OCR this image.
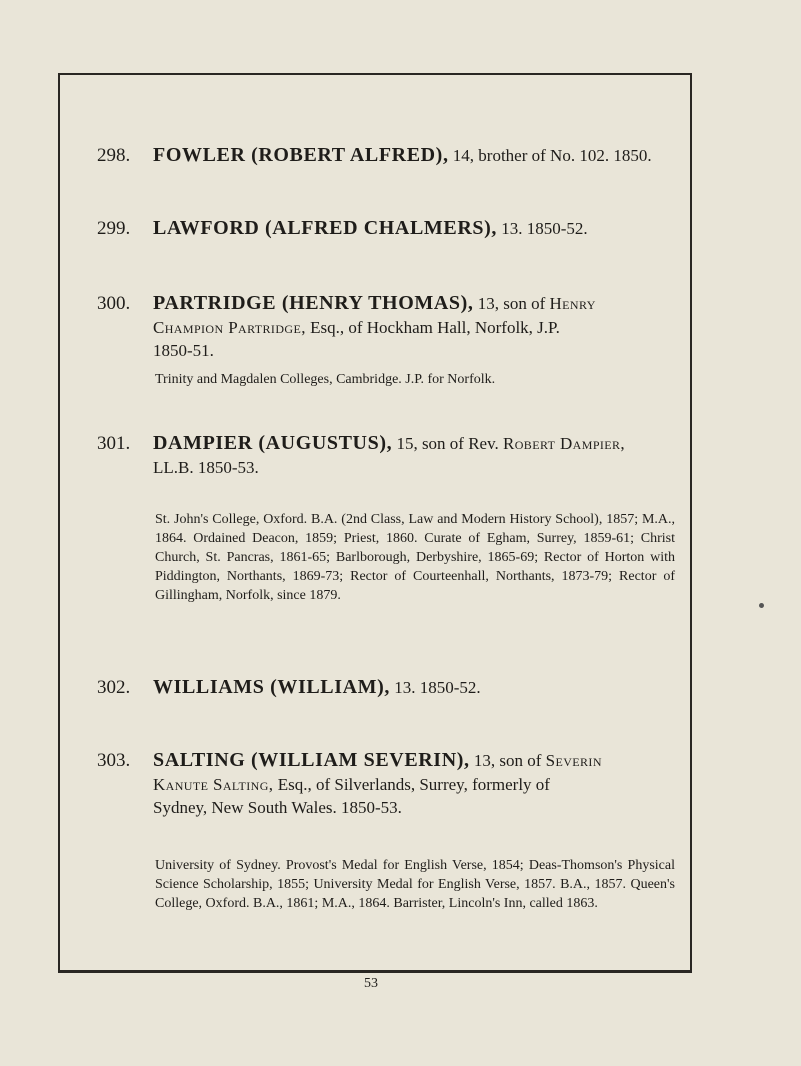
298. FOWLER (ROBERT ALFRED), 14, brother of No. 102. 1850.
299. LAWFORD (ALFRED CHALMERS), 13. 1850-52.
300. PARTRIDGE (HENRY THOMAS), 13, son of Henry
Champion Partridge, Esq., of Hockham Hall, Norfolk, J.P.
1850-51.
Trinity and Magdalen Colleges, Cambridge. J.P. for Norfolk.
301. DAMPIER (AUGUSTUS), 15, son of Rev. Robert Dampier,
LL.B. 1850-53.
St. John's College, Oxford. B.A. (2nd Class, Law and Modern History School), 1857; M.A., 1864. Ordained Deacon, 1859; Priest, 1860. Curate of Egham, Surrey, 1859-61; Christ Church, St. Pancras, 1861-65; Barlborough, Derbyshire, 1865-69; Rector of Horton with Piddington, Northants, 1869-73; Rector of Courteenhall, Northants, 1873-79; Rector of Gillingham, Norfolk, since 1879.
302. WILLIAMS (WILLIAM), 13. 1850-52.
303. SALTING (WILLIAM SEVERIN), 13, son of Severin
Kanute Salting, Esq., of Silverlands, Surrey, formerly of
Sydney, New South Wales. 1850-53.
University of Sydney. Provost's Medal for English Verse, 1854; Deas-Thomson's Physical Science Scholarship, 1855; University Medal for English Verse, 1857. B.A., 1857. Queen's College, Oxford. B.A., 1861; M.A., 1864. Barrister, Lincoln's Inn, called 1863.
53
